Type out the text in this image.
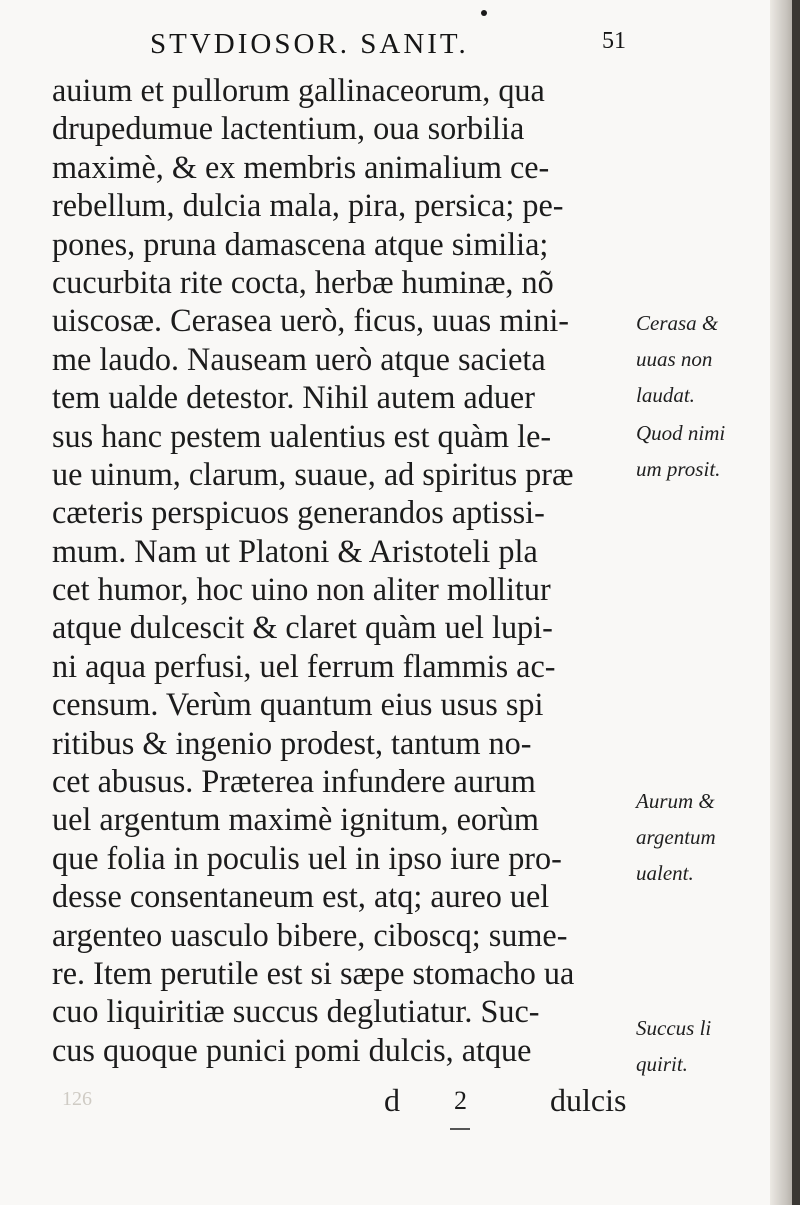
STVDIOSOR. SANIT.	51
auium et pullorum gallinaceorum, qua
drupedumue lactentium, oua sorbilia
maximè, & ex membris animalium ce-
rebellum, dulcia mala, pira, persica; pe-
pones, pruna damascena atque similia;
cucurbita rite cocta, herbæ huminæ, nõ
uiscosæ. Cerasea uerò, ficus, uuas mini-
me laudo. Nauseam uerò atque sacieta
tem ualde detestor. Nihil autem aduer
sus hanc pestem ualentius est quàm le-
ue uinum, clarum, suaue, ad spiritus præ
cæteris perspicuos generandos aptissi-
mum. Nam ut Platoni & Aristoteli pla
cet humor, hoc uino non aliter mollitur
atque dulcescit & claret quàm uel lupi-
ni aqua perfusi, uel ferrum flammis ac-
censum. Verùm quantum eius usus spi
ritibus & ingenio prodest, tantum no-
cet abusus. Præterea infundere aurum
uel argentum maximè ignitum, eorùm
que folia in poculis uel in ipso iure pro-
desse consentaneum est, atq; aureo uel
argenteo uasculo bibere, ciboscq; sume-
re. Item perutile est si sæpe stomacho ua
cuo liquiritiæ succus deglutiatur. Suc-
cus quoque punici pomi dulcis, atque
Cerasa &
uuas non
laudat.
Quod nimi
um prosit.
Aurum &
argentum
ualent.
Succus li
quirit.
126	d 2	dulcis
